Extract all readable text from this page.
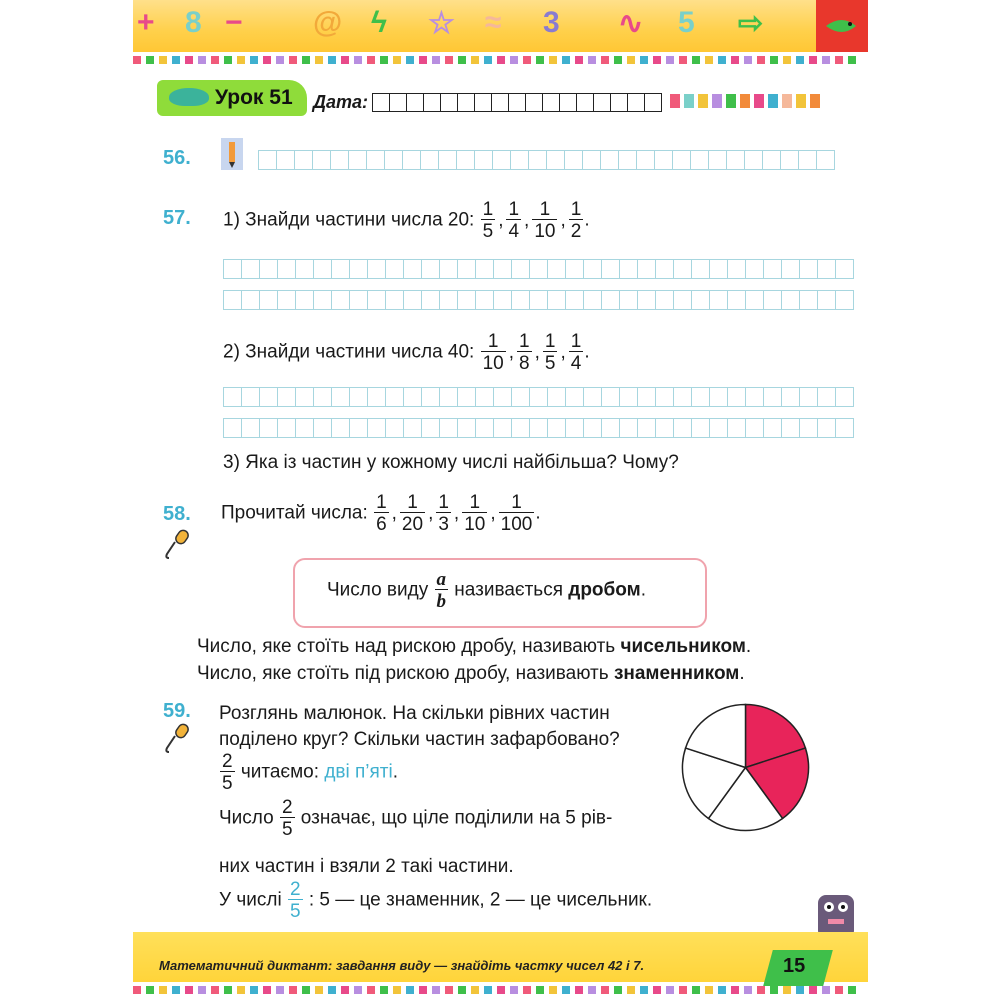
+ 8 − @ ϟ ☆ ≈ 3 ∿ 5 ⇨
Урок 51 Дата:
56.
57. 1) Знайди частини числа 20: $\frac{1}{5}$ , $\frac{1}{4}$ , $\frac{1}{10}$ , $\frac{1}{2}$ .
2) Знайди частини числа 40: $\frac{1}{10}$ , $\frac{1}{8}$ , $\frac{1}{5}$ , $\frac{1}{4}$ .
3) Яка із частин у кожному числі найбільша? Чому?
58. Прочитай числа: $\frac{1}{6}$ , $\frac{1}{20}$ , $\frac{1}{3}$ , $\frac{1}{10}$ , $\frac{1}{100}$ .
Число виду $\frac{a}{b}$ називається дробом.
Число, яке стоїть над рискою дробу, називають чисельником.
Число, яке стоїть під рискою дробу, називають знаменником.
59. Розглянь малюнок. На скільки рівних частин
поділено круг? Скільки частин зафарбовано?
$\frac{2}{5}$ читаємо: дві п’яті.
Число $\frac{2}{5}$ означає, що ціле поділили на 5 рів-
них частин і взяли 2 такі частини.
У числі $\frac{2}{5}$ : 5 — це знаменник, 2 — це чисельник.
Математичний диктант: завдання виду — знайдіть частку чисел 42 і 7.	15
